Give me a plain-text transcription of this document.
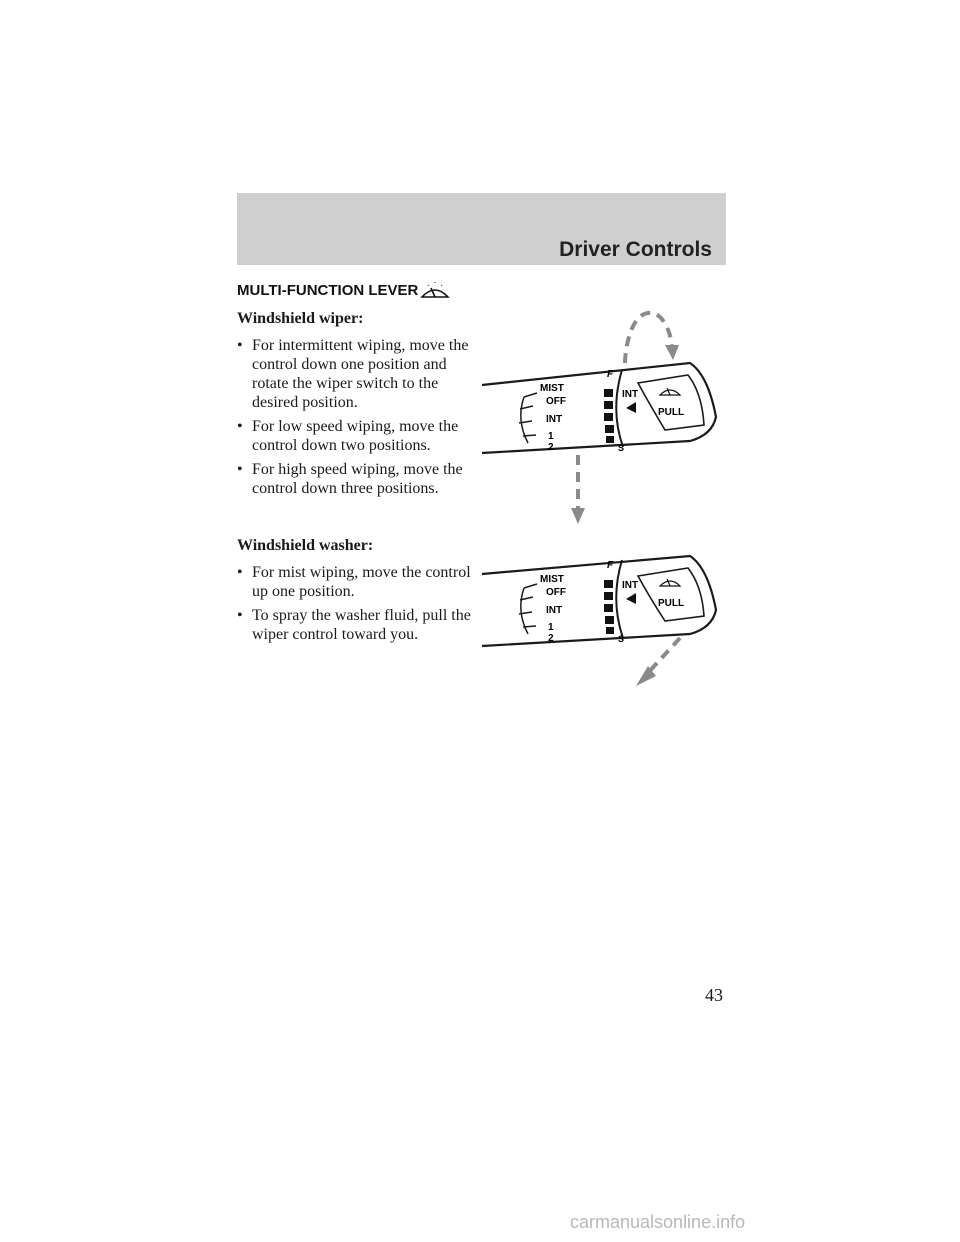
Driver Controls
MULTI-FUNCTION LEVER
Windshield wiper:
• For intermittent wiping, move the control down one position and rotate the wiper switch to the desired position.
• For low speed wiping, move the control down two positions.
• For high speed wiping, move the control down three positions.
Windshield washer:
• For mist wiping, move the control up one position.
• To spray the washer fluid, pull the wiper control toward you.
MIST
OFF
INT
1
2
F
S
INT
PULL
MIST
OFF
INT
1
2
F
S
INT
PULL
43
carmanualsonline.info
